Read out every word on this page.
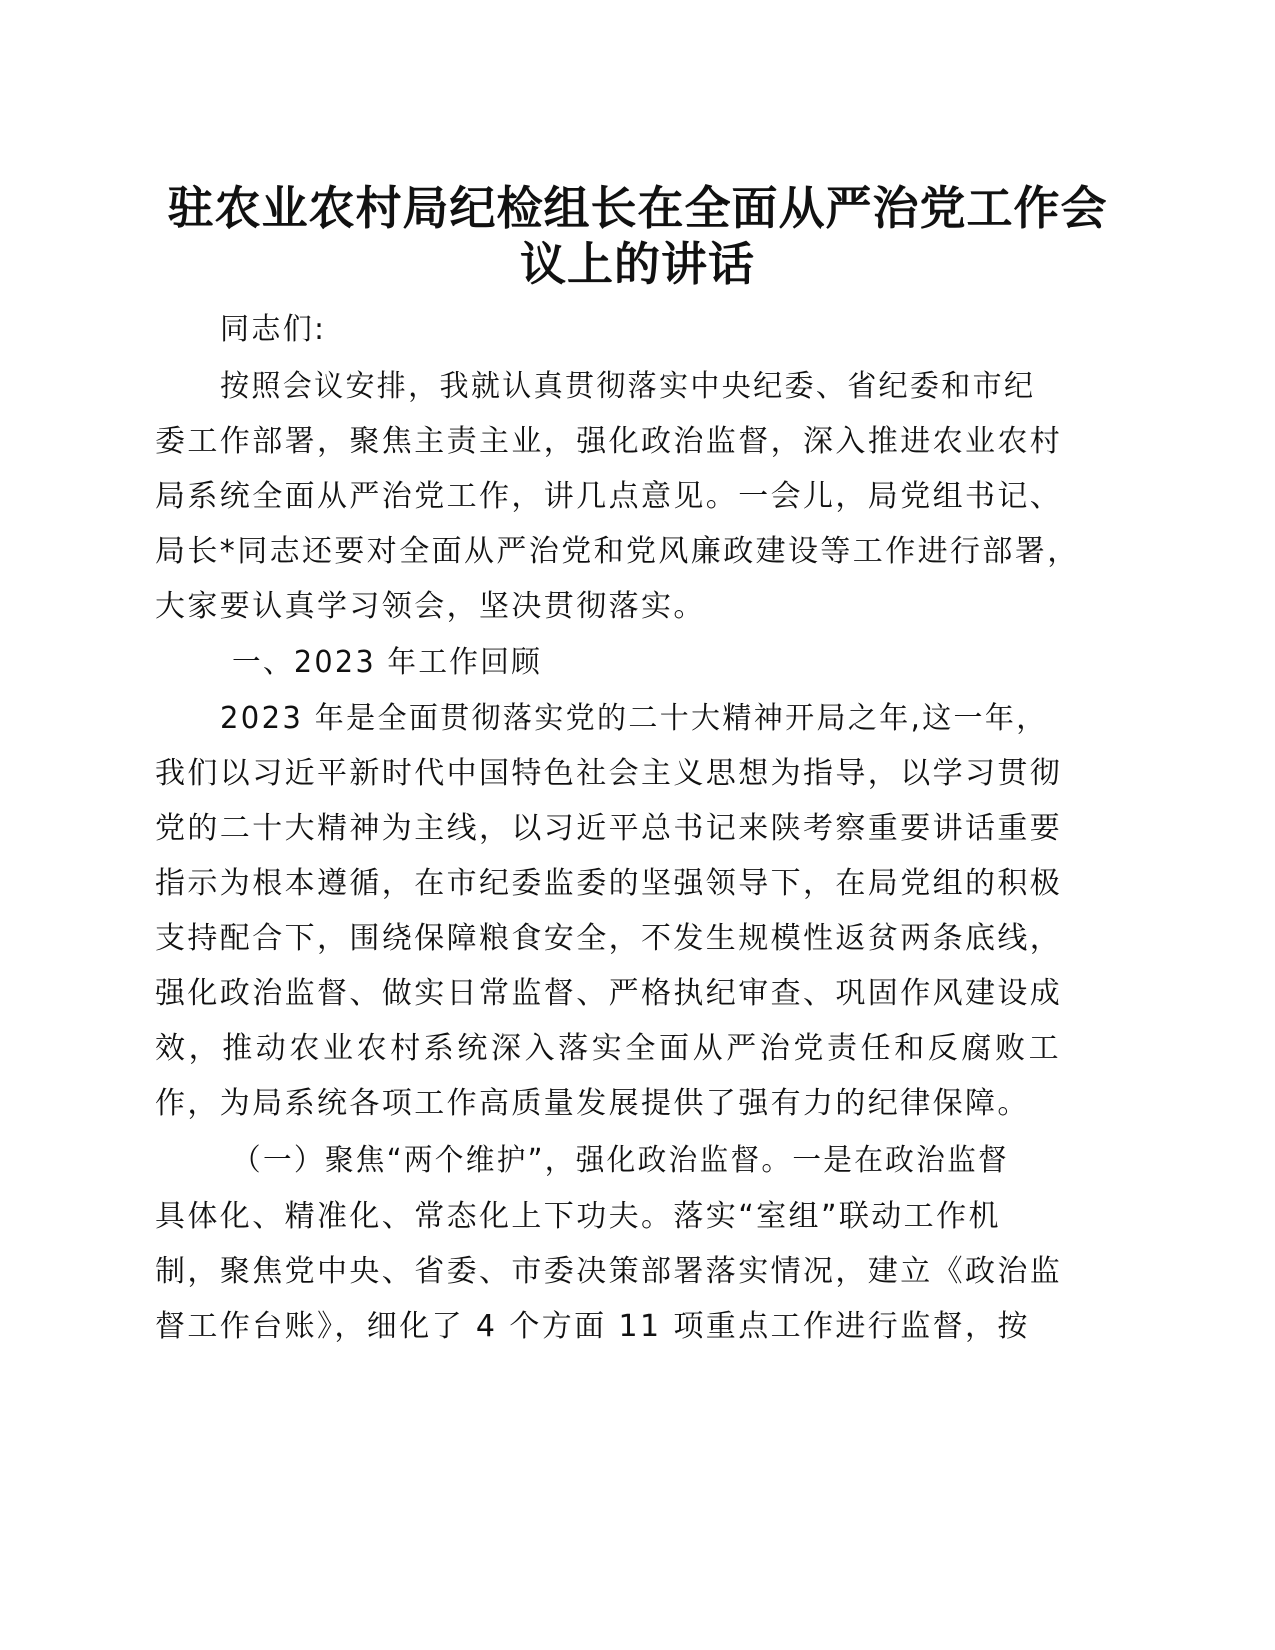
驻农业农村局纪检组长在全面从严治党工作会
议上的讲话

同志们:

按照会议安排，我就认真贯彻落实中央纪委、省纪委和市纪

委工作部署，聚焦主责主业，强化政治监督，深入推进农业农村

局系统全面从严治党工作，讲几点意见。一会儿，局党组书记、

局长*同志还要对全面从严治党和党风廉政建设等工作进行部署，

大家要认真学习领会，坚决贯彻落实。

一、2023 年工作回顾

2023 年是全面贯彻落实党的二十大精神开局之年,这一年，

我们以习近平新时代中国特色社会主义思想为指导，以学习贯彻

党的二十大精神为主线，以习近平总书记来陕考察重要讲话重要

指示为根本遵循，在市纪委监委的坚强领导下，在局党组的积极

支持配合下，围绕保障粮食安全，不发生规模性返贫两条底线，

强化政治监督、做实日常监督、严格执纪审查、巩固作风建设成

效，推动农业农村系统深入落实全面从严治党责任和反腐败工

作，为局系统各项工作高质量发展提供了强有力的纪律保障。

（一）聚焦“两个维护”，强化政治监督。一是在政治监督

具体化、精准化、常态化上下功夫。落实“室组”联动工作机

制，聚焦党中央、省委、市委决策部署落实情况，建立《政治监

督工作台账》，细化了 4 个方面 11 项重点工作进行监督，按
